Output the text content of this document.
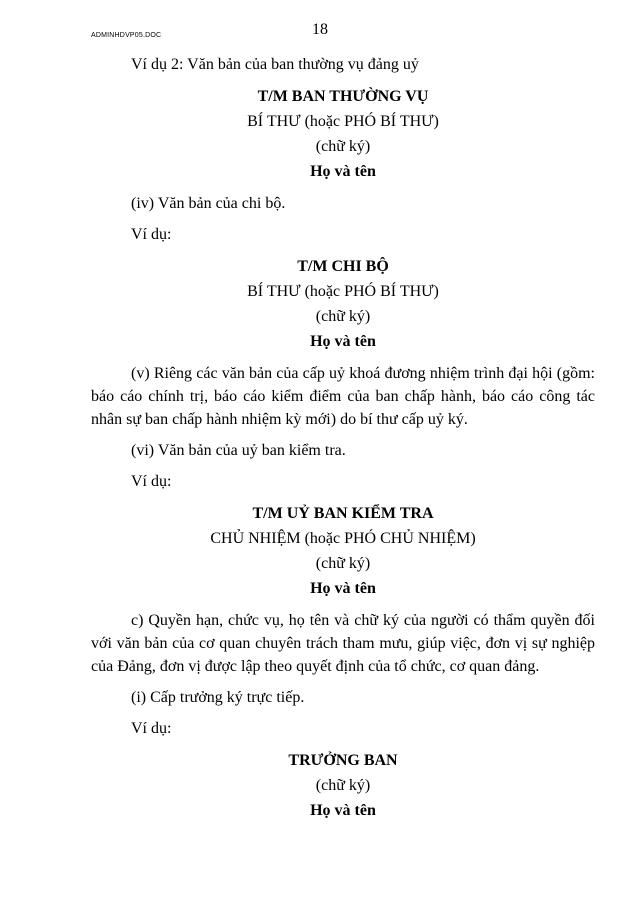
ADMINHDVP05.DOC	18

Ví dụ 2: Văn bản của ban thường vụ đảng uỷ

T/M BAN THƯỜNG VỤ
BÍ THƯ (hoặc PHÓ BÍ THƯ)
(chữ ký)
Họ và tên

(iv) Văn bản của chi bộ.

Ví dụ:

T/M CHI BỘ
BÍ THƯ (hoặc PHÓ BÍ THƯ)
(chữ ký)
Họ và tên

(v) Riêng các văn bản của cấp uỷ khoá đương nhiệm trình đại hội (gồm: báo cáo chính trị, báo cáo kiểm điểm của ban chấp hành, báo cáo công tác nhân sự ban chấp hành nhiệm kỳ mới) do bí thư cấp uỷ ký.

(vi) Văn bản của uỷ ban kiểm tra.

Ví dụ:

T/M UỶ BAN KIỂM TRA
CHỦ NHIỆM (hoặc PHÓ CHỦ NHIỆM)
(chữ ký)
Họ và tên

c) Quyền hạn, chức vụ, họ tên và chữ ký của người có thẩm quyền đối với văn bản của cơ quan chuyên trách tham mưu, giúp việc, đơn vị sự nghiệp của Đảng, đơn vị được lập theo quyết định của tổ chức, cơ quan đảng.

(i) Cấp trưởng ký trực tiếp.

Ví dụ:

TRƯỞNG BAN
(chữ ký)
Họ và tên
